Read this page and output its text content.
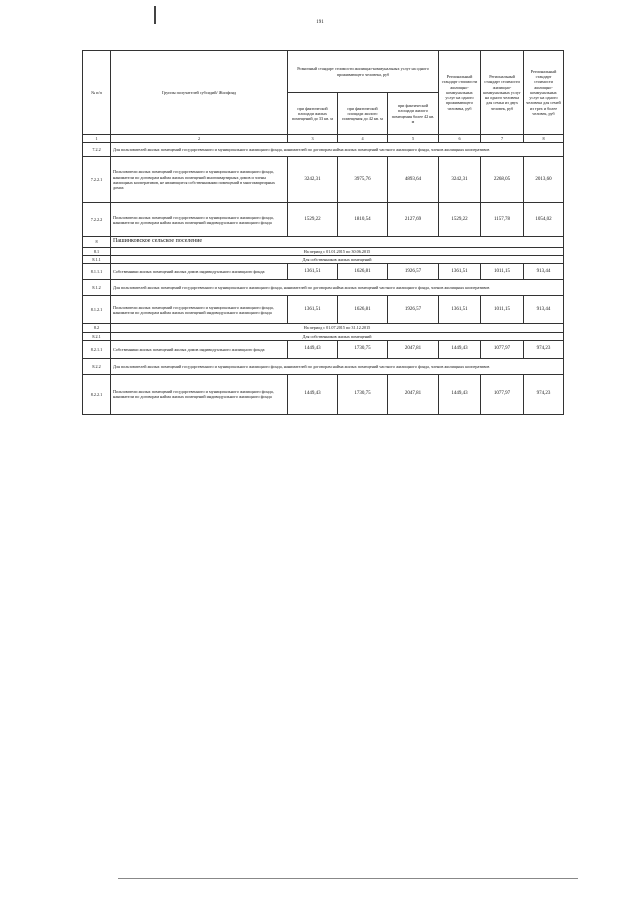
191
№ п/п	Группы получателей субсидий/ Жилфонд	Розничный стандарт стоимости жилищно-коммунальных услуг на одного проживающего человека, руб			Региональный стандарт стоимости жилищно-коммунальных услуг на одного проживающего человека, руб	Региональный стандарт стоимости жилищно-коммунальных услуг на одного человека для семьи из двух человек, руб	Региональный стандарт стоимости жилищно-коммунальных услуг на одного человека для семей из трех и более человек, руб
		при фактической площади жилых помещений до 33 кв. м	при фактической площади жилого помещения до 42 кв. м	при фактической площади жилого помещения более 42 кв. м			
1	2	3	4	5	6	7	8
7.2.2	Для пользователей жилых помещений государственного и муниципального жилищного фонда, нанимателей по договорам найма жилых помещений частного жилищного фонда, членов жилищных кооперативов						
7.2.2.1	Пользователи жилых помещений государственного и муниципального жилищного фонда, наниматели по договорам найма жилых помещений многоквартирных домов и члены жилищных кооперативов, не являющиеся собственниками помещений в многоквартирных домах	3242,31	3975,76	4893,64	3242,31	2268,05	2013,60
7.2.2.2	Пользователи жилых помещений государственного и муниципального жилищного фонда, наниматели по договорам найма жилых помещений индивидуального жилищного фонда	1529,22	1810,54	2127,69	1529,22	1157,78	1054,02
8	Пашинковское сельское поселение						
8.1	На период с 01.01.2015 по 30.06.2015						
8.1.1	Для собственников жилых помещений						
8.1.1.1	Собственники жилых помещений жилых домов индивидуального жилищного фонда	1361,51	1626,81	1926,57	1361,51	1011,15	913,44
8.1.2	Для пользователей жилых помещений государственного и муниципального жилищного фонда, нанимателей по договорам найма жилых помещений частного жилищного фонда, членов жилищных кооперативов						
8.1.2.1	Пользователи жилых помещений государственного и муниципального жилищного фонда, наниматели по договорам найма жилых помещений индивидуального жилищного фонда	1361,51	1626,81	1926,57	1361,51	1011,15	913,44
8.2	На период с 01.07.2015 по 31.12.2015						
8.2.1	Для собственников жилых помещений						
8.2.1.1	Собственники жилых помещений жилых домов индивидуального жилищного фонда	1449,43	1730,75	2047,81	1449,43	1077,97	974,23
8.2.2	Для пользователей жилых помещений государственного и муниципального жилищного фонда, нанимателей по договорам найма жилых помещений частного жилищного фонда, членов жилищных кооперативов						
8.2.2.1	Пользователи жилых помещений государственного и муниципального жилищного фонда, наниматели по договорам найма жилых помещений индивидуального жилищного фонда	1449,43	1730,75	2047,81	1449,43	1077,97	974,23
